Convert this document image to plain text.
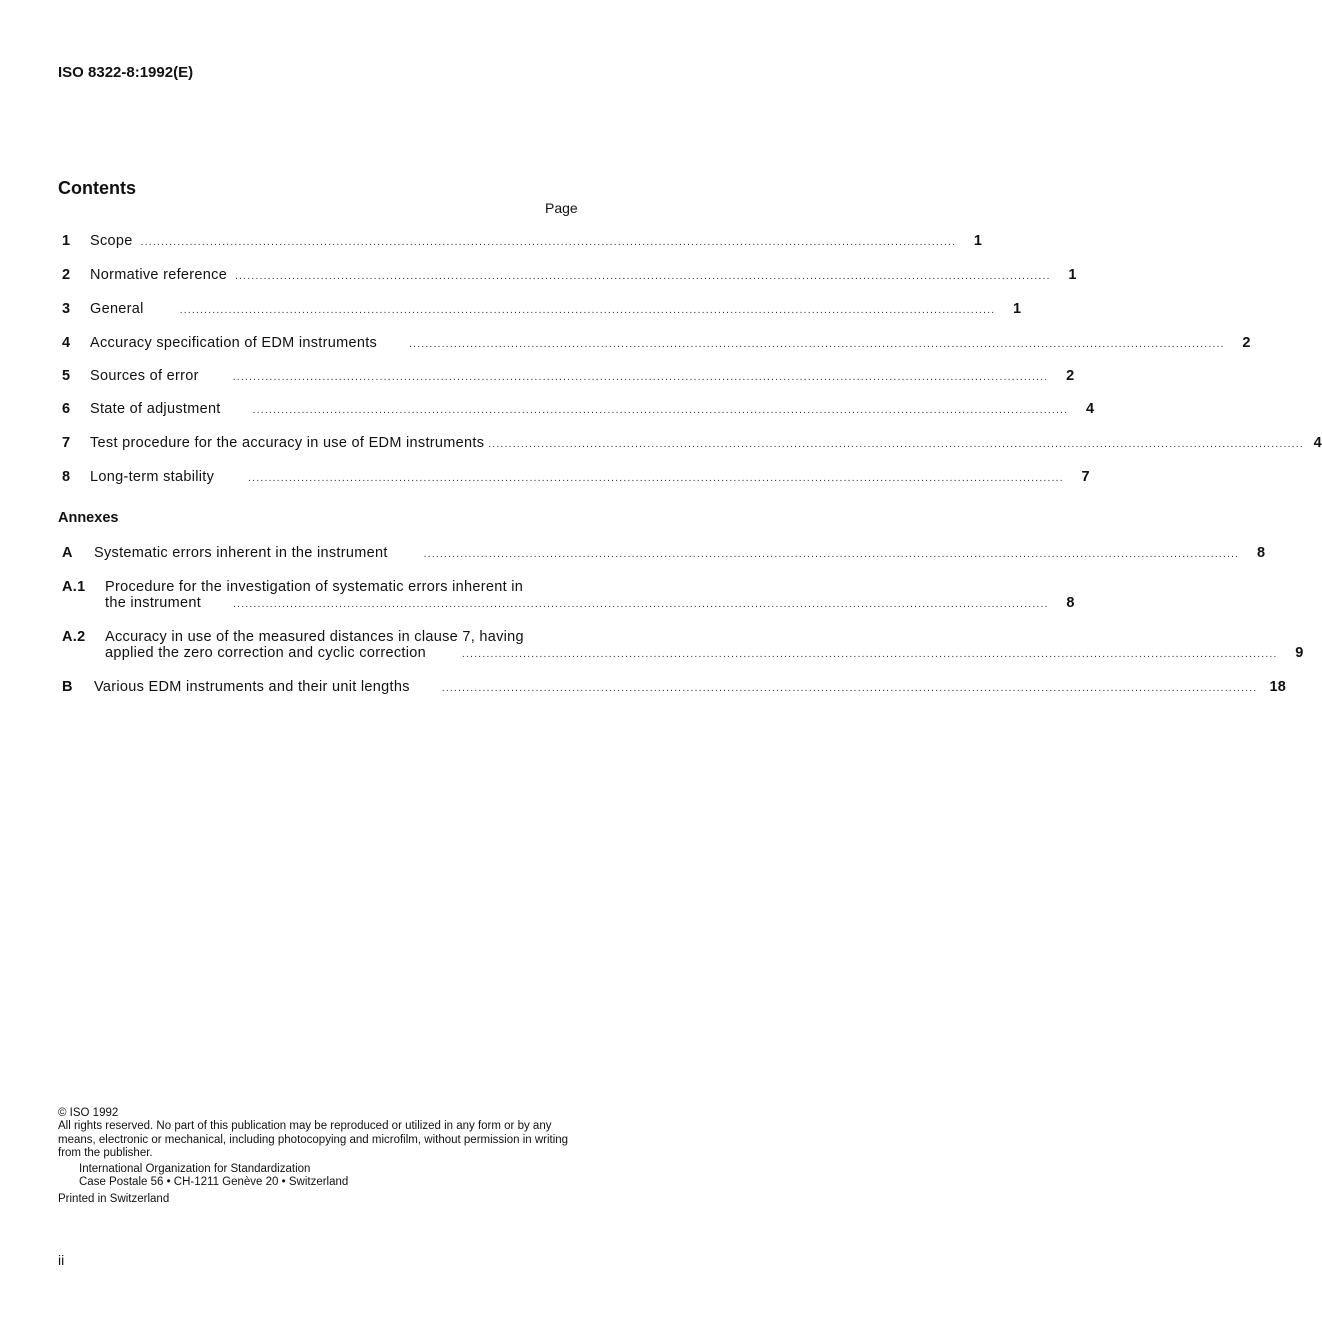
ISO 8322-8:1992(E)
Contents
Page
1 Scope ........................................................................................................................................................................................................	1
2 Normative reference ........................................................................................................................................................................................................	1
3 General	........................................................................................................................................................................................................	1
4 Accuracy specification of EDM instruments	........................................................................................................................................................................................................	2
5 Sources of error	........................................................................................................................................................................................................	2
6 State of adjustment	........................................................................................................................................................................................................	4
7 Test procedure for the accuracy in use of EDM instruments ........................................................................................................................................................................................................ 4
8 Long-term stability	........................................................................................................................................................................................................	7
Annexes
A Systematic errors inherent in the instrument	........................................................................................................................................................................................................	8
A.1 Procedure for the investigation of systematic errors inherent in
the instrument	........................................................................................................................................................................................................	8
A.2 Accuracy in use of the measured distances in clause 7, having
applied the zero correction and cyclic correction	........................................................................................................................................................................................................	9
B Various EDM instruments and their unit lengths	........................................................................................................................................................................................................ 18

© ISO 1992

All rights reserved. No part of this publication may be reproduced or utilized in any form or by any means, electronic or mechanical, including photocopying and microfilm, without permission in writing from the publisher.

International Organization for Standardization

Case Postale 56 • CH-1211 Genève 20 • Switzerland

Printed in Switzerland

ii
